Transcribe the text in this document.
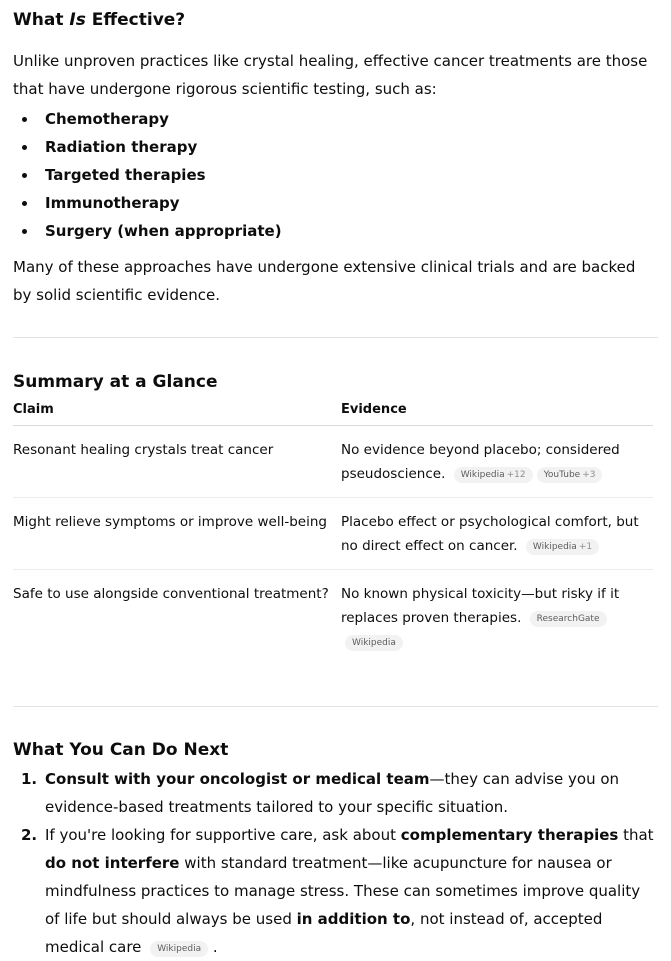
What Is Effective?

Unlike unproven practices like crystal healing, effective cancer treatments are those that have undergone rigorous scientific testing, such as:

Chemotherapy
Radiation therapy
Targeted therapies
Immunotherapy
Surgery (when appropriate)

Many of these approaches have undergone extensive clinical trials and are backed by solid scientific evidence.

Summary at a Glance
Claim	Evidence
Resonant healing crystals treat cancer	No evidence beyond placebo; considered pseudoscience. Wikipedia +12 YouTube +3
Might relieve symptoms or improve well-being	Placebo effect or psychological comfort, but no direct effect on cancer. Wikipedia +1
Safe to use alongside conventional treatment?	No known physical toxicity—but risky if it replaces proven therapies. ResearchGateWikipedia
What You Can Do Next
1. Consult with your oncologist or medical team—they can advise you on evidence-based treatments tailored to your specific situation.
2. If you're looking for supportive care, ask about complementary therapies that do not interfere with standard treatment—like acupuncture for nausea or mindfulness practices to manage stress. These can sometimes improve quality of life but should always be used in addition to, not instead of, accepted medical care Wikipedia .
